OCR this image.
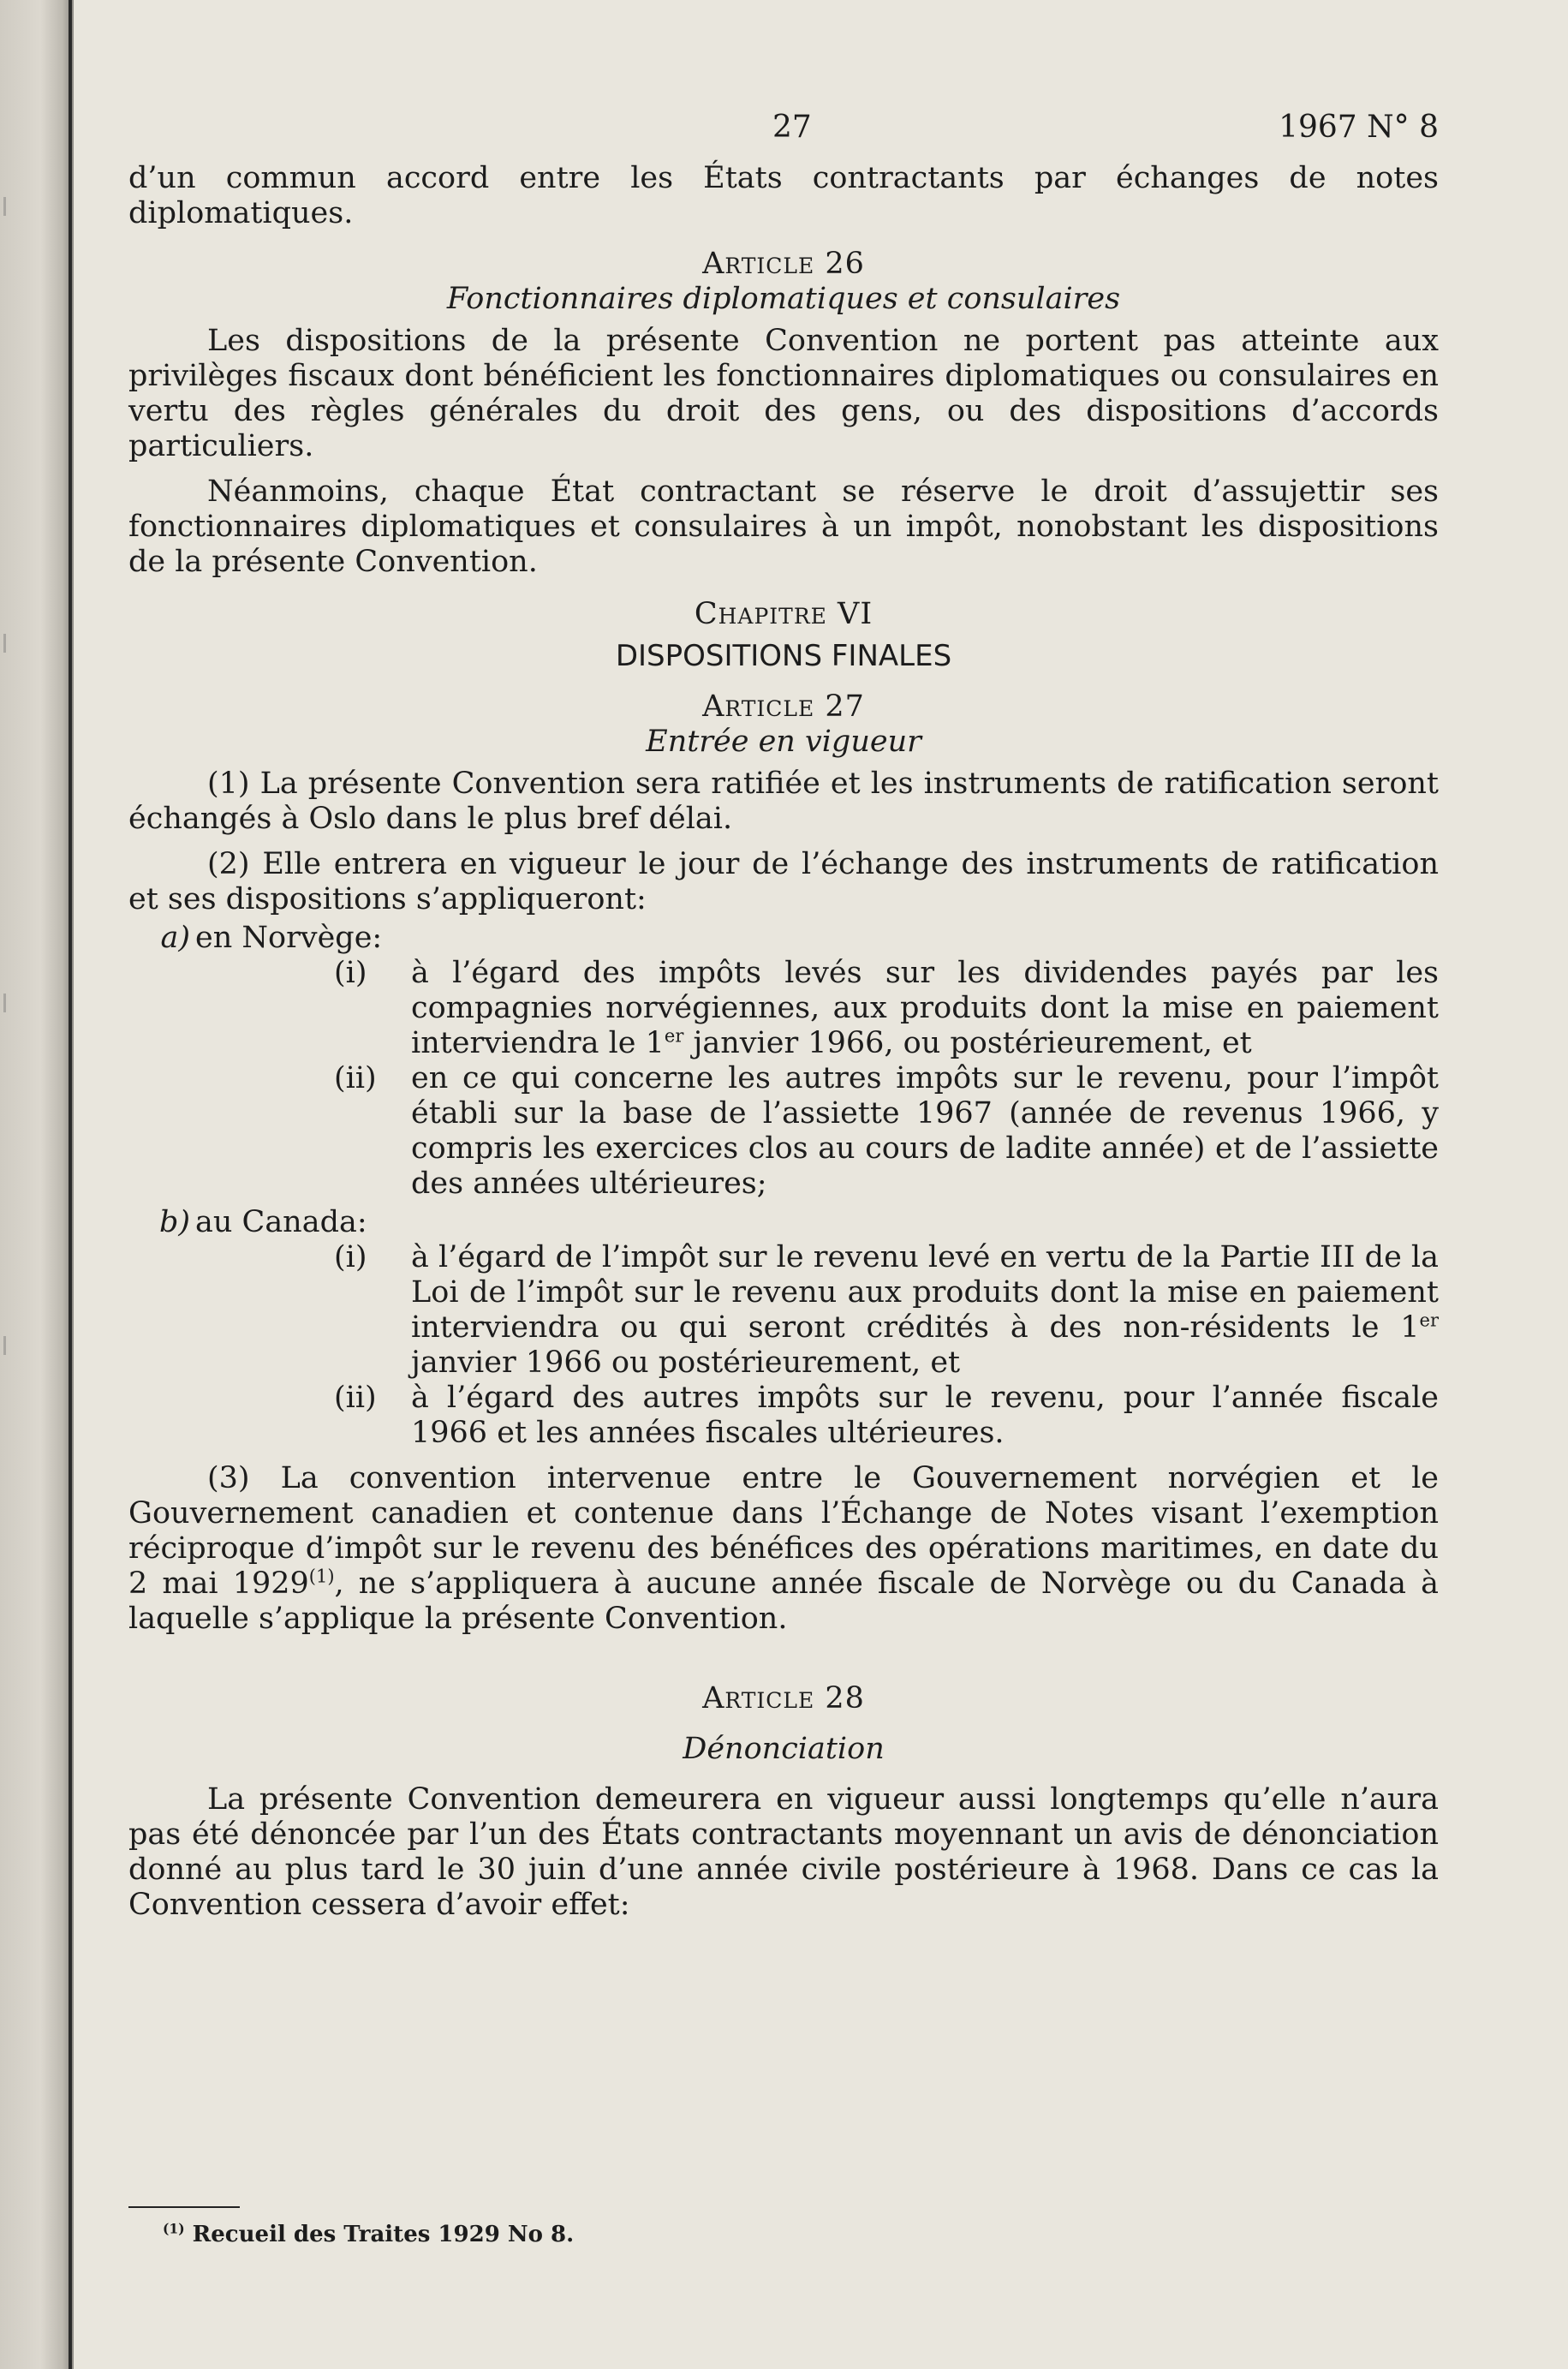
27	1967 N° 8

d’un commun accord entre les États contractants par échanges de notes diplomatiques.

Article 26
Fonctionnaires diplomatiques et consulaires

Les dispositions de la présente Convention ne portent pas atteinte aux privilèges fiscaux dont bénéficient les fonctionnaires diplomatiques ou consulaires en vertu des règles générales du droit des gens, ou des dispositions d’accords particuliers.

Néanmoins, chaque État contractant se réserve le droit d’assujettir ses fonctionnaires diplomatiques et consulaires à un impôt, nonobstant les dispositions de la présente Convention.

Chapitre VI
DISPOSITIONS FINALES
Article 27
Entrée en vigueur

(1) La présente Convention sera ratifiée et les instruments de ratification seront échangés à Oslo dans le plus bref délai.

(2) Elle entrera en vigueur le jour de l’échange des instruments de ratification et ses dispositions s’appliqueront:

a) en Norvège:
(i)	à l’égard des impôts levés sur les dividendes payés par les compagnies norvégiennes, aux produits dont la mise en paiement interviendra le 1er janvier 1966, ou postérieurement, et
(ii)	en ce qui concerne les autres impôts sur le revenu, pour l’impôt établi sur la base de l’assiette 1967 (année de revenus 1966, y compris les exercices clos au cours de ladite année) et de l’assiette des années ultérieures;
b) au Canada:
(i)	à l’égard de l’impôt sur le revenu levé en vertu de la Partie III de la Loi de l’impôt sur le revenu aux produits dont la mise en paiement interviendra ou qui seront crédités à des non-résidents le 1er janvier 1966 ou postérieurement, et
(ii)	à l’égard des autres impôts sur le revenu, pour l’année fiscale 1966 et les années fiscales ultérieures.

(3) La convention intervenue entre le Gouvernement norvégien et le Gouvernement canadien et contenue dans l’Échange de Notes visant l’exemption réciproque d’impôt sur le revenu des bénéfices des opérations maritimes, en date du 2 mai 1929$^{(1)}$, ne s’appliquera à aucune année fiscale de Norvège ou du Canada à laquelle s’applique la présente Convention.

Article 28
Dénonciation

La présente Convention demeurera en vigueur aussi longtemps qu’elle n’aura pas été dénoncée par l’un des États contractants moyennant un avis de dénonciation donné au plus tard le 30 juin d’une année civile postérieure à 1968. Dans ce cas la Convention cessera d’avoir effet:

$^{(1)}$ Recueil des Traites 1929 No 8.
